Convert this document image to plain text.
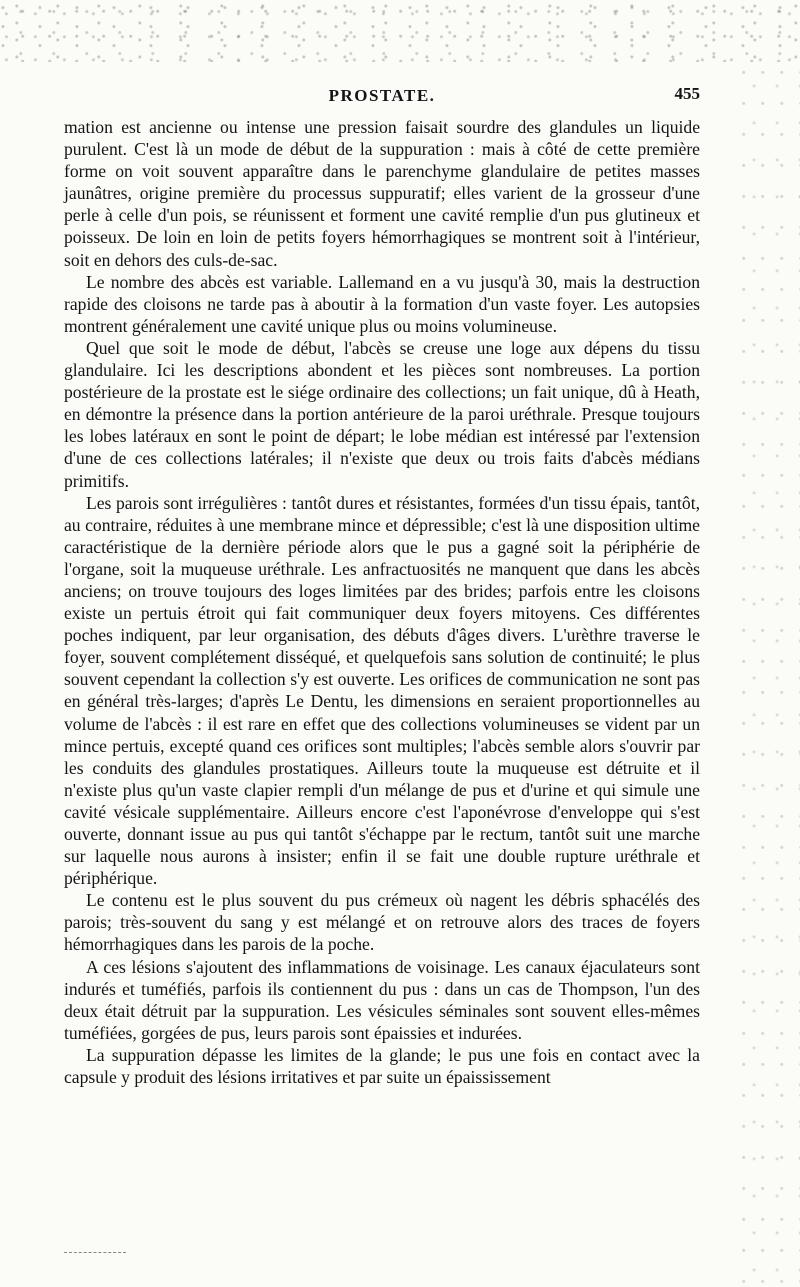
PROSTATE.	455

mation est ancienne ou intense une pression faisait sourdre des glandules un liquide purulent. C'est là un mode de début de la suppuration : mais à côté de cette première forme on voit souvent apparaître dans le parenchyme glandulaire de petites masses jaunâtres, origine première du processus suppuratif; elles varient de la grosseur d'une perle à celle d'un pois, se réunissent et forment une cavité remplie d'un pus glutineux et poisseux. De loin en loin de petits foyers hémorrhagiques se montrent soit à l'intérieur, soit en dehors des culs-de-sac.

Le nombre des abcès est variable. Lallemand en a vu jusqu'à 30, mais la destruction rapide des cloisons ne tarde pas à aboutir à la formation d'un vaste foyer. Les autopsies montrent généralement une cavité unique plus ou moins volumineuse.

Quel que soit le mode de début, l'abcès se creuse une loge aux dépens du tissu glandulaire. Ici les descriptions abondent et les pièces sont nombreuses. La portion postérieure de la prostate est le siége ordinaire des collections; un fait unique, dû à Heath, en démontre la présence dans la portion antérieure de la paroi uréthrale. Presque toujours les lobes latéraux en sont le point de départ; le lobe médian est intéressé par l'extension d'une de ces collections latérales; il n'existe que deux ou trois faits d'abcès médians primitifs.

Les parois sont irrégulières : tantôt dures et résistantes, formées d'un tissu épais, tantôt, au contraire, réduites à une membrane mince et dépressible; c'est là une disposition ultime caractéristique de la dernière période alors que le pus a gagné soit la périphérie de l'organe, soit la muqueuse uréthrale. Les anfractuosités ne manquent que dans les abcès anciens; on trouve toujours des loges limitées par des brides; parfois entre les cloisons existe un pertuis étroit qui fait communiquer deux foyers mitoyens. Ces différentes poches indiquent, par leur organisation, des débuts d'âges divers. L'urèthre traverse le foyer, souvent complétement disséqué, et quelquefois sans solution de continuité; le plus souvent cependant la collection s'y est ouverte. Les orifices de communication ne sont pas en général très-larges; d'après Le Dentu, les dimensions en seraient proportionnelles au volume de l'abcès : il est rare en effet que des collections volumineuses se vident par un mince pertuis, excepté quand ces orifices sont multiples; l'abcès semble alors s'ouvrir par les conduits des glandules prostatiques. Ailleurs toute la muqueuse est détruite et il n'existe plus qu'un vaste clapier rempli d'un mélange de pus et d'urine et qui simule une cavité vésicale supplémentaire. Ailleurs encore c'est l'aponévrose d'enveloppe qui s'est ouverte, donnant issue au pus qui tantôt s'échappe par le rectum, tantôt suit une marche sur laquelle nous aurons à insister; enfin il se fait une double rupture uréthrale et périphérique.

Le contenu est le plus souvent du pus crémeux où nagent les débris sphacélés des parois; très-souvent du sang y est mélangé et on retrouve alors des traces de foyers hémorrhagiques dans les parois de la poche.

A ces lésions s'ajoutent des inflammations de voisinage. Les canaux éjaculateurs sont indurés et tuméfiés, parfois ils contiennent du pus : dans un cas de Thompson, l'un des deux était détruit par la suppuration. Les vésicules séminales sont souvent elles-mêmes tuméfiées, gorgées de pus, leurs parois sont épaissies et indurées.

La suppuration dépasse les limites de la glande; le pus une fois en contact avec la capsule y produit des lésions irritatives et par suite un épaississement
